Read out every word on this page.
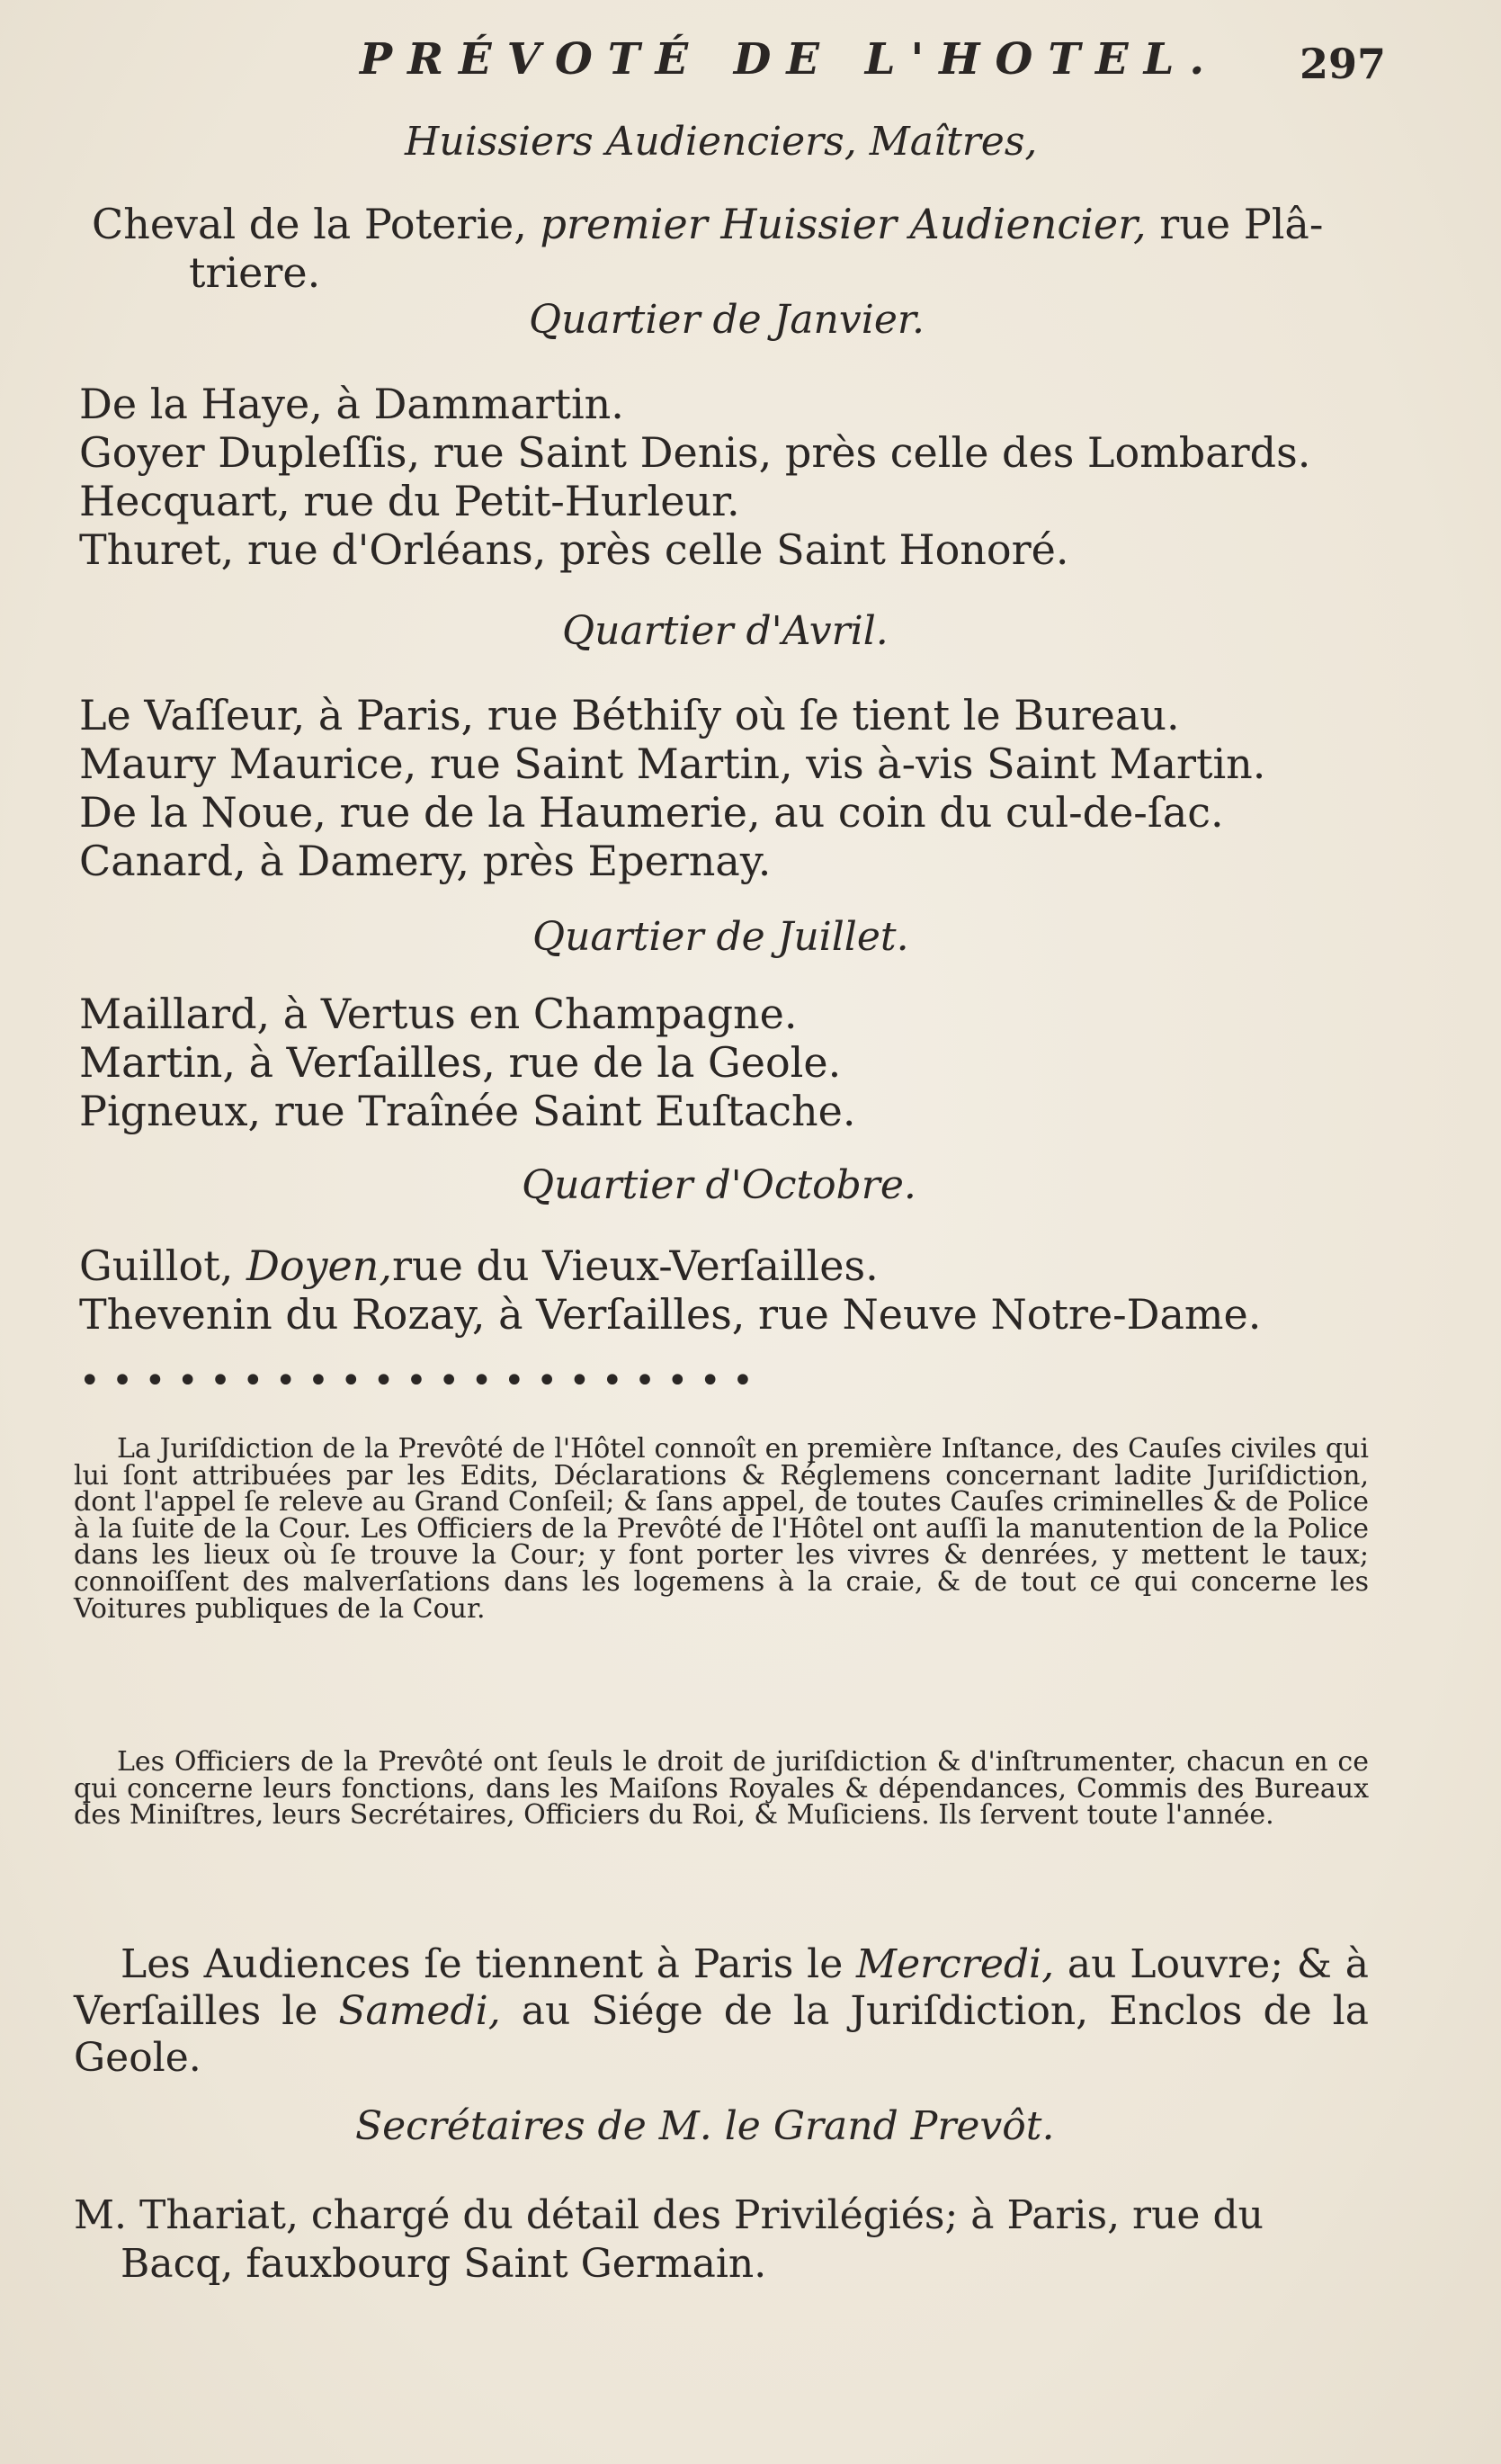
PRÉVOTÉ DE L'HOTEL. 297
Huissiers Audienciers, Maîtres,
Cheval de la Poterie, premier Huissier Audiencier, rue Plâ-
triere.
Quartier de Janvier.
De la Haye, à Dammartin.
Goyer Dupleſſis, rue Saint Denis, près celle des Lombards.
Hecquart, rue du Petit-Hurleur.
Thuret, rue d'Orléans, près celle Saint Honoré.
Quartier d'Avril.
Le Vaſſeur, à Paris, rue Béthiſy où ſe tient le Bureau.
Maury Maurice, rue Saint Martin, vis à-vis Saint Martin.
De la Noue, rue de la Haumerie, au coin du cul-de-ſac.
Canard, à Damery, près Epernay.
Quartier de Juillet.
Maillard, à Vertus en Champagne.
Martin, à Verſailles, rue de la Geole.
Pigneux, rue Traînée Saint Euſtache.
Quartier d'Octobre.
Guillot, Doyen,rue du Vieux-Verſailles.
Thevenin du Rozay, à Verſailles, rue Neuve Notre-Dame.
• • • • • • • • • • • • • • • • • • • • •
La Juriſdiction de la Prevôté de l'Hôtel connoît en première Inſtance, des Cauſes civiles qui lui ſont attribuées par les Edits, Déclarations & Réglemens concernant ladite Juriſdiction, dont l'appel ſe releve au Grand Conſeil; & ſans appel, de toutes Cauſes criminelles & de Police à la ſuite de la Cour. Les Officiers de la Prevôté de l'Hôtel ont auſſi la manutention de la Police dans les lieux où ſe trouve la Cour; y font porter les vivres & denrées, y mettent le taux; connoiſſent des malverſations dans les logemens à la craie, & de tout ce qui concerne les Voitures publiques de la Cour.
Les Officiers de la Prevôté ont ſeuls le droit de juriſdiction & d'inſtrumenter, chacun en ce qui concerne leurs fonctions, dans les Maiſons Royales & dépendances, Commis des Bureaux des Miniſtres, leurs Secrétaires, Officiers du Roi, & Muſiciens. Ils ſervent toute l'année.
Les Audiences ſe tiennent à Paris le Mercredi, au Louvre; & à Verſailles le Samedi, au Siége de la Juriſdiction, Enclos de la Geole.
Secrétaires de M. le Grand Prevôt.
M. Thariat, chargé du détail des Privilégiés; à Paris, rue du
Bacq, fauxbourg Saint Germain.
